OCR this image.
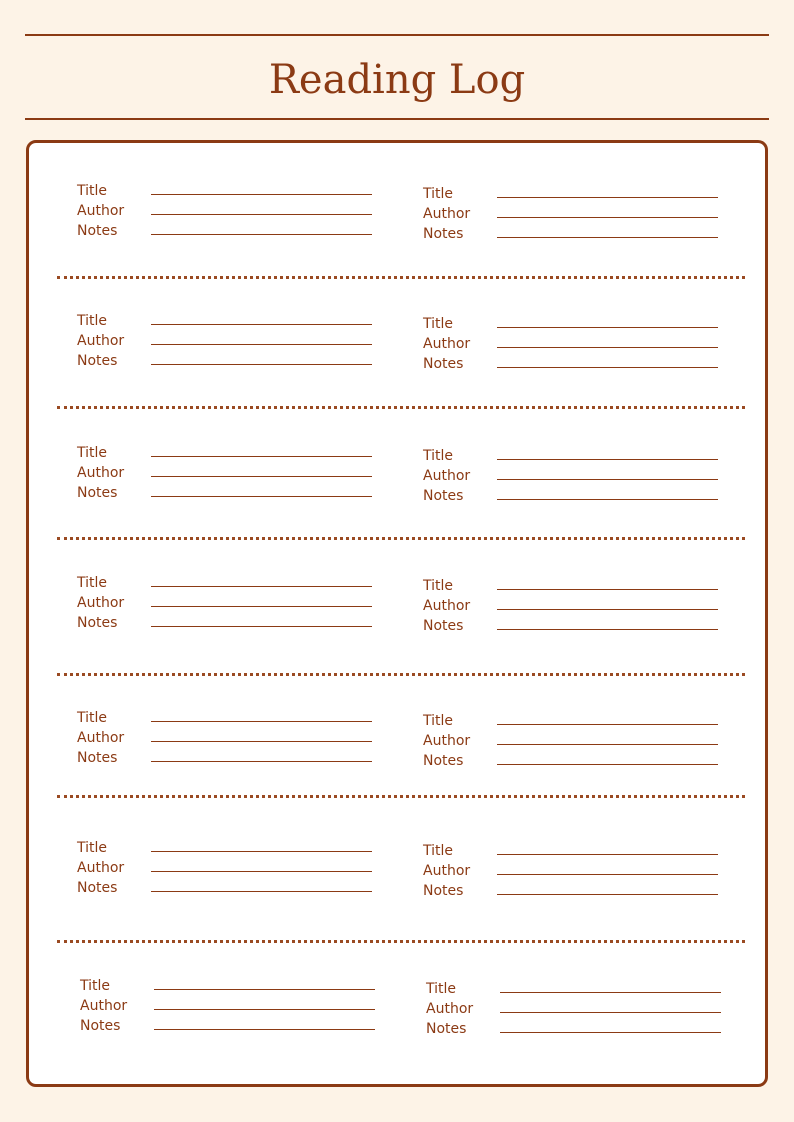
Reading Log
Title
Author
Notes
Title
Author
Notes
Title
Author
Notes
Title
Author
Notes
Title
Author
Notes
Title
Author
Notes
Title
Author
Notes
Title
Author
Notes
Title
Author
Notes
Title
Author
Notes
Title
Author
Notes
Title
Author
Notes
Title
Author
Notes
Title
Author
Notes
